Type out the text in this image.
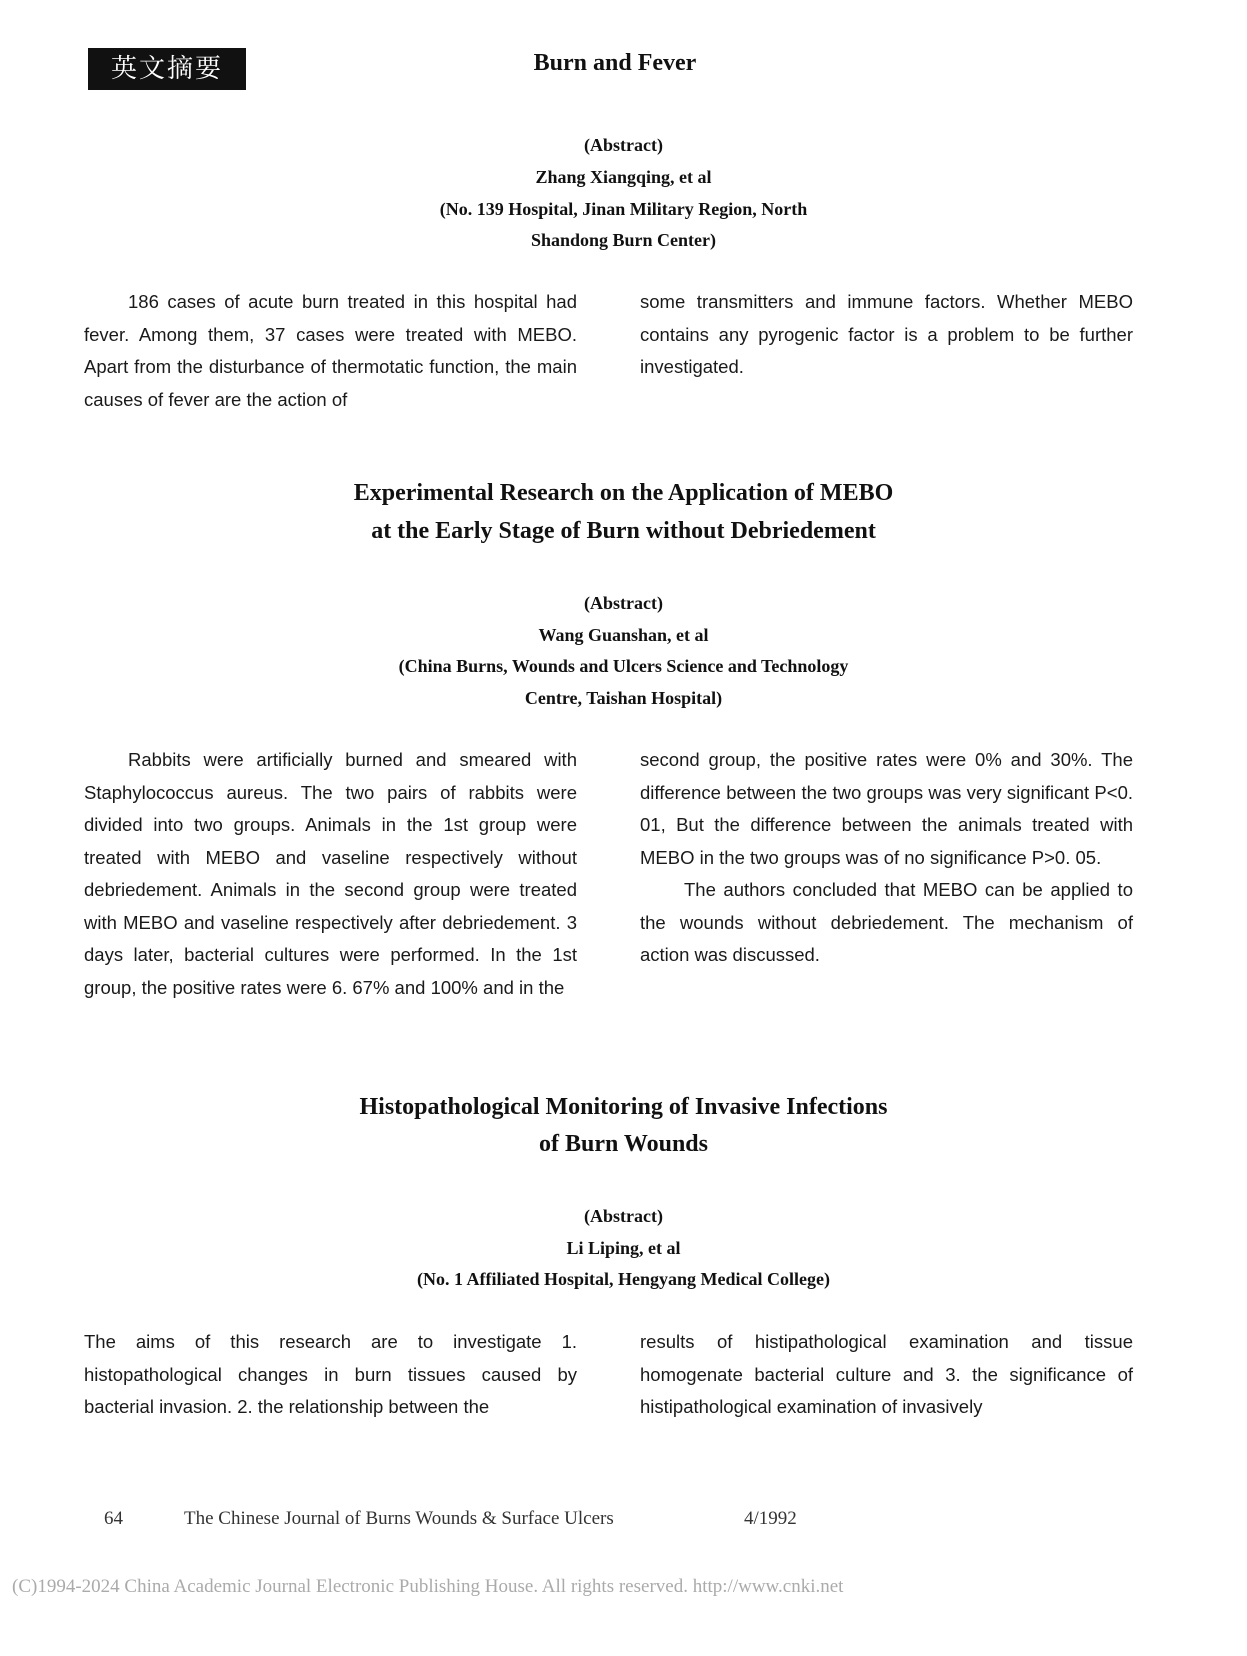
英文摘要	Burn and Fever
(Abstract)
Zhang Xiangqing, et al
(No. 139 Hospital, Jinan Military Region, North
Shandong Burn Center)

186 cases of acute burn treated in this hospital had fever. Among them, 37 cases were treated with MEBO. Apart from the disturbance of thermotatic function, the main causes of fever are the action of

some transmitters and immune factors. Whether MEBO contains any pyrogenic factor is a problem to be further investigated.

Experimental Research on the Application of MEBO
at the Early Stage of Burn without Debriedement
(Abstract)
Wang Guanshan, et al
(China Burns, Wounds and Ulcers Science and Technology
Centre, Taishan Hospital)

Rabbits were artificially burned and smeared with Staphylococcus aureus. The two pairs of rabbits were divided into two groups. Animals in the 1st group were treated with MEBO and vaseline respectively without debriedement. Animals in the second group were treated with MEBO and vaseline respectively after debriedement. 3 days later, bacterial cultures were performed. In the 1st group, the positive rates were 6. 67% and 100% and in the

second group, the positive rates were 0% and 30%. The difference between the two groups was very significant P<0. 01, But the difference between the animals treated with MEBO in the two groups was of no significance P>0. 05.

The authors concluded that MEBO can be applied to the wounds without debriedement. The mechanism of action was discussed.

Histopathological Monitoring of Invasive Infections
of Burn Wounds
(Abstract)
Li Liping, et al
(No. 1 Affiliated Hospital, Hengyang Medical College)

The aims of this research are to investigate 1. histopathological changes in burn tissues caused by bacterial invasion. 2. the relationship between the

results of histipathological examination and tissue homogenate bacterial culture and 3. the significance of histipathological examination of invasively

64	The Chinese Journal of Burns Wounds & Surface Ulcers	4/1992
(C)1994-2024 China Academic Journal Electronic Publishing House. All rights reserved. http://www.cnki.net
